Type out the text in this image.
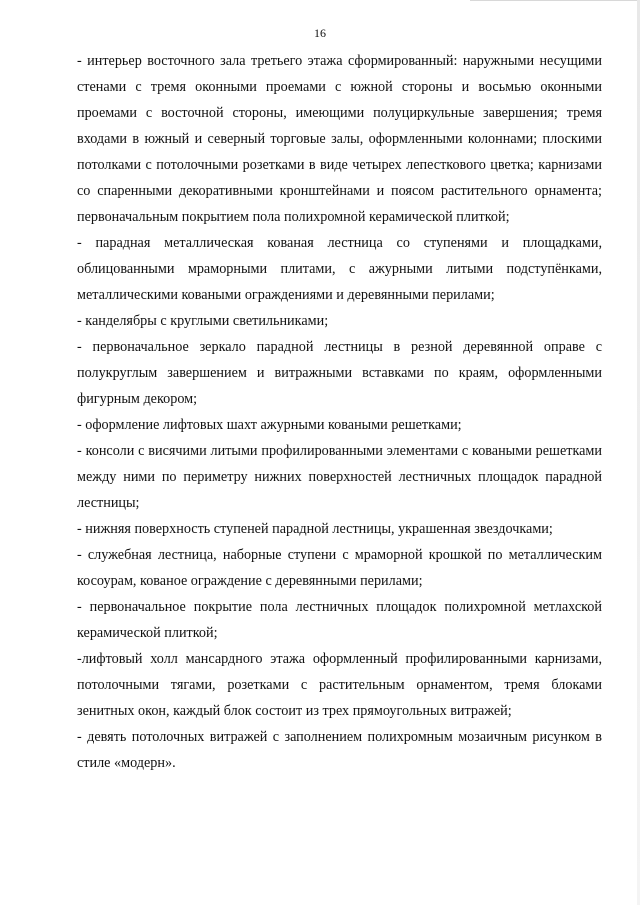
16

- интерьер восточного зала третьего этажа сформированный: наружными несущими стенами с тремя оконными проемами с южной стороны и восьмью оконными проемами с восточной стороны, имеющими полуциркульные завершения; тремя входами в южный и северный торговые залы, оформленными колоннами; плоскими потолками с потолочными розетками в виде четырех лепесткового цветка; карнизами со спаренными декоративными кронштейнами и поясом растительного орнамента; первоначальным покрытием пола полихромной керамической плиткой;

- парадная металлическая кованая лестница со ступенями и площадками, облицованными мраморными плитами, с ажурными литыми подступёнками, металлическими коваными ограждениями и деревянными перилами;

- канделябры с круглыми светильниками;

- первоначальное зеркало парадной лестницы в резной деревянной оправе с полукруглым завершением и витражными вставками по краям, оформленными фигурным декором;

- оформление лифтовых шахт ажурными коваными решетками;

- консоли с висячими литыми профилированными элементами с коваными решетками между ними по периметру нижних поверхностей лестничных площадок парадной лестницы;

- нижняя поверхность ступеней парадной лестницы, украшенная звездочками;

- служебная лестница, наборные ступени с мраморной крошкой по металлическим косоурам, кованое ограждение с деревянными перилами;

- первоначальное покрытие пола лестничных площадок полихромной метлахской керамической плиткой;

-лифтовый холл мансардного этажа оформленный профилированными карнизами, потолочными тягами, розетками с растительным орнаментом, тремя блоками зенитных окон, каждый блок состоит из трех прямоугольных витражей;

- девять потолочных витражей с заполнением полихромным мозаичным рисунком в стиле «модерн».
